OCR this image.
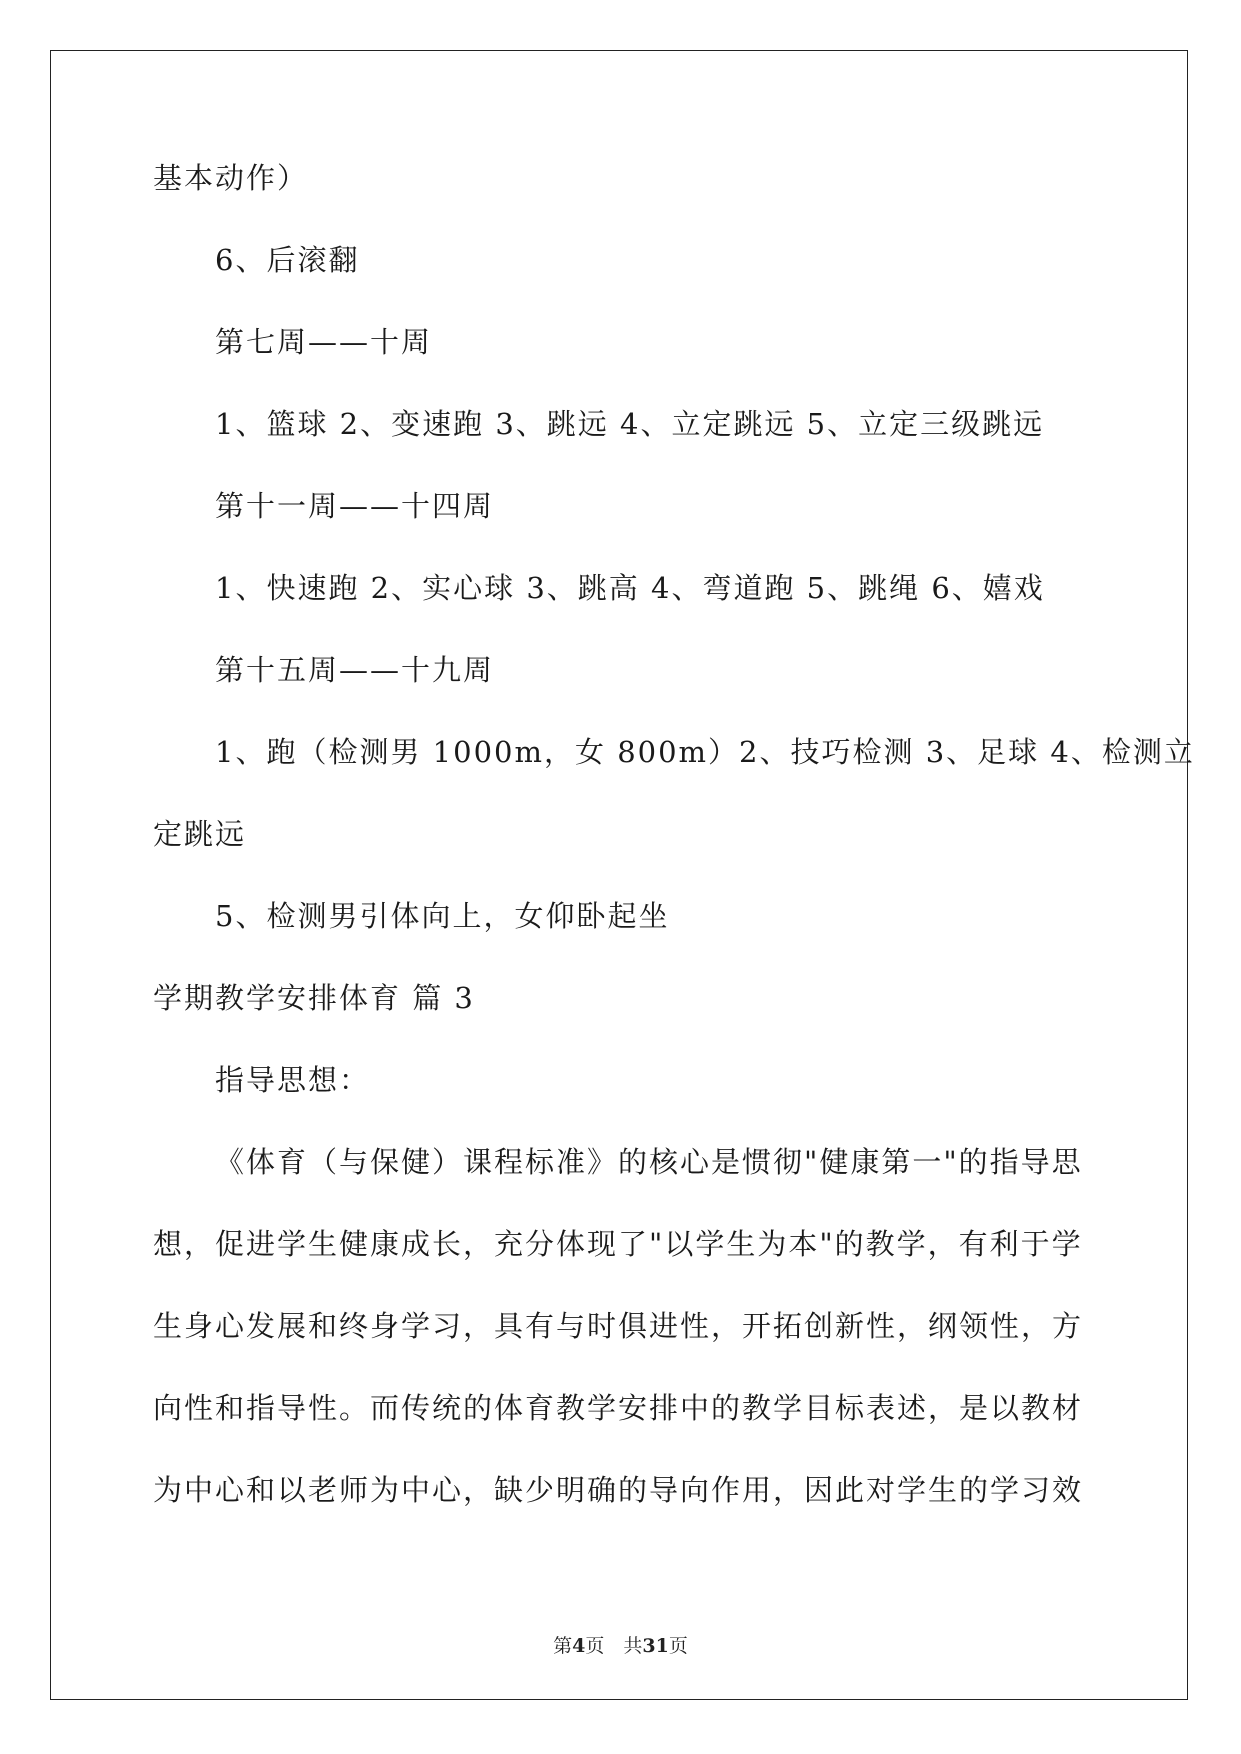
基本动作）

6、后滚翻

第七周——十周

1、篮球 2、变速跑 3、跳远 4、立定跳远 5、立定三级跳远

第十一周——十四周

1、快速跑 2、实心球 3、跳高 4、弯道跑 5、跳绳 6、嬉戏

第十五周——十九周

1、跑（检测男 1000m，女 800m）2、技巧检测 3、足球 4、检测立

定跳远

5、检测男引体向上，女仰卧起坐

学期教学安排体育 篇 3

指导思想：

《体育（与保健）课程标准》的核心是惯彻"健康第一"的指导思

想，促进学生健康成长，充分体现了"以学生为本"的教学，有利于学

生身心发展和终身学习，具有与时俱进性，开拓创新性，纲领性，方

向性和指导性。而传统的体育教学安排中的教学目标表述，是以教材

为中心和以老师为中心，缺少明确的导向作用，因此对学生的学习效

第4页　共31页
